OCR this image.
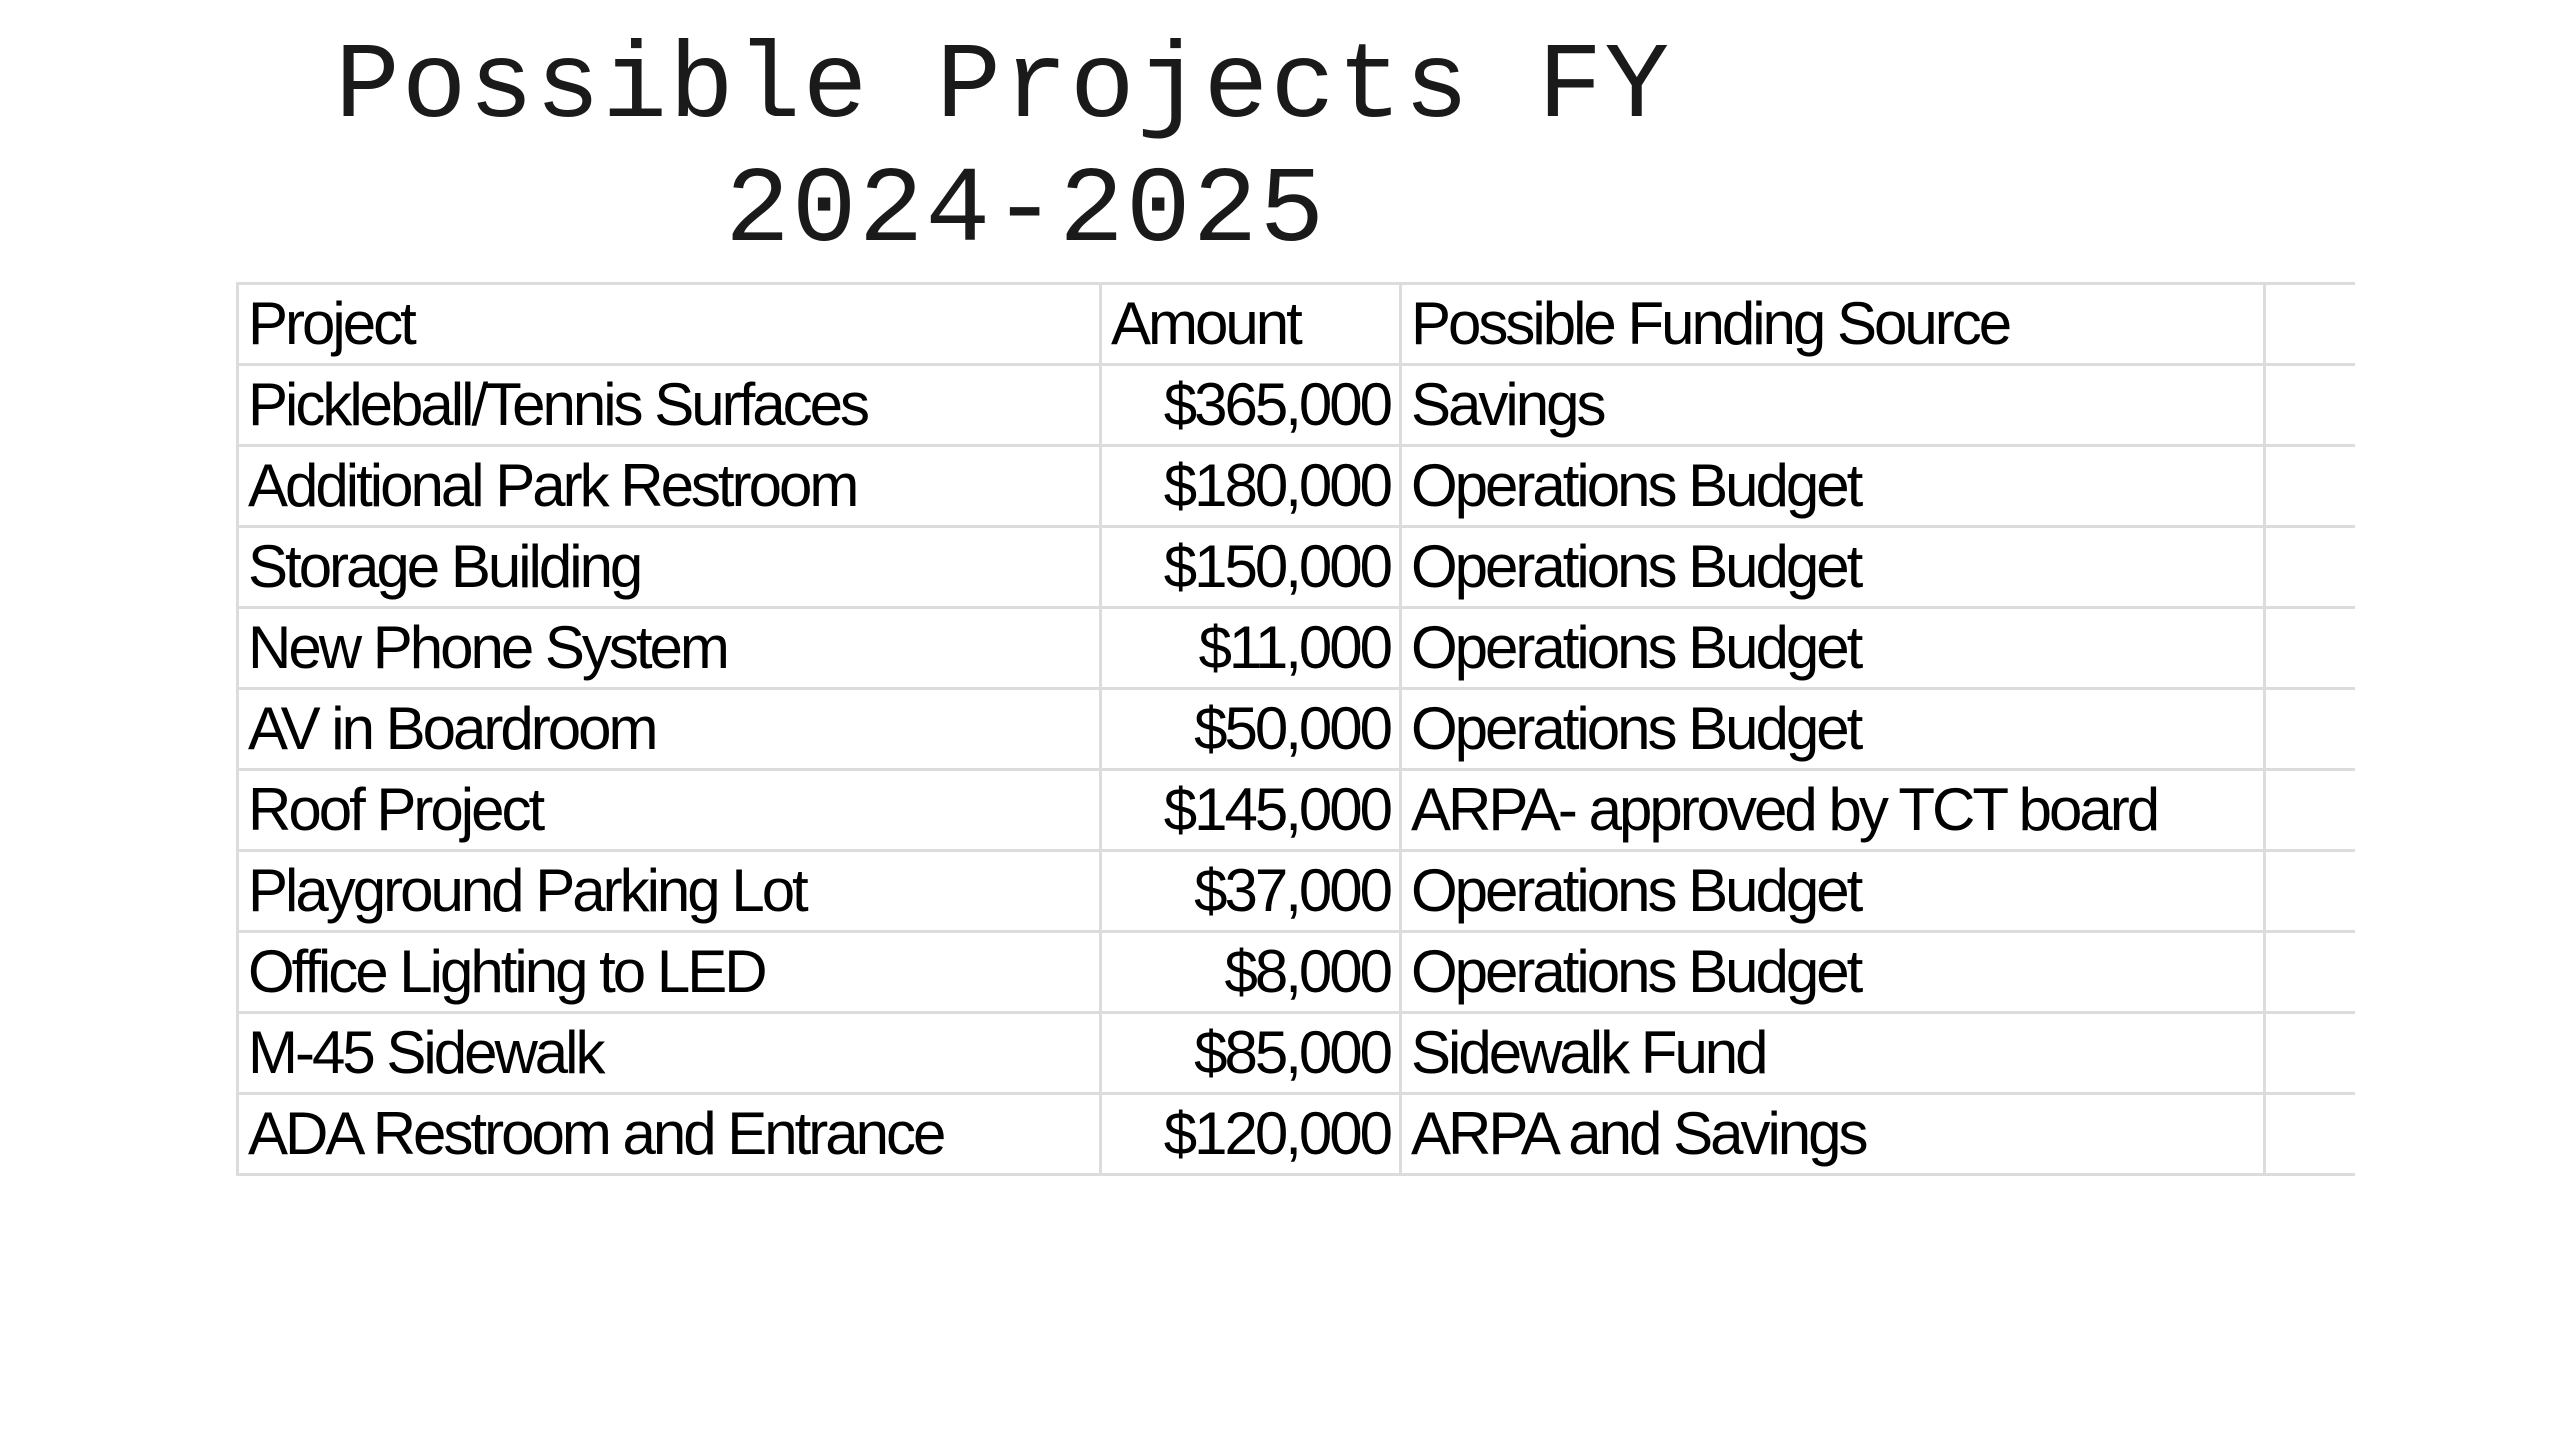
Possible Projects FY
2024-2025
Project	Amount	Possible Funding Source	
Pickleball/Tennis Surfaces	$365,000	Savings	
Additional Park Restroom	$180,000	Operations Budget	
Storage Building	$150,000	Operations Budget	
New Phone System	$11,000	Operations Budget	
AV in Boardroom	$50,000	Operations Budget	
Roof Project	$145,000	ARPA- approved by TCT board	
Playground Parking Lot	$37,000	Operations Budget	
Office Lighting to LED	$8,000	Operations Budget	
M-45 Sidewalk	$85,000	Sidewalk Fund	
ADA Restroom and Entrance	$120,000	ARPA and Savings	
